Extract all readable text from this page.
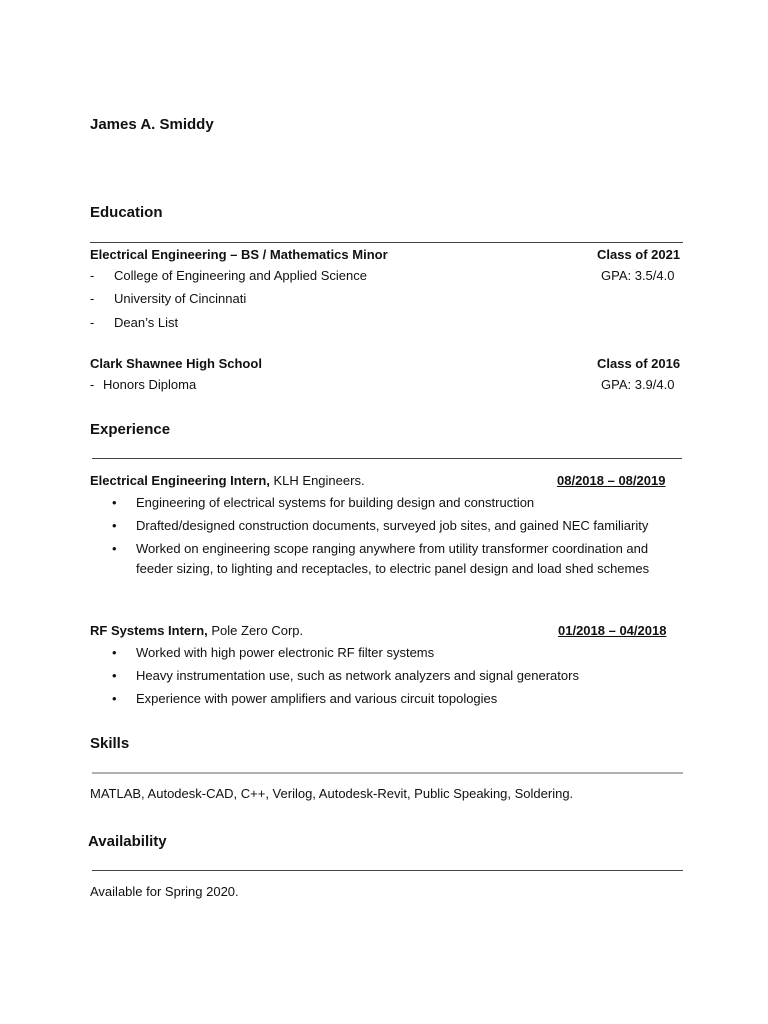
James A. Smiddy
Education
Electrical Engineering – BS / Mathematics Minor	Class of 2021
- College of Engineering and Applied Science	GPA: 3.5/4.0
- University of Cincinnati
- Dean’s List
Clark Shawnee High School	Class of 2016
- Honors Diploma	GPA: 3.9/4.0
Experience
Electrical Engineering Intern, KLH Engineers.	08/2018 – 08/2019
• Engineering of electrical systems for building design and construction
• Drafted/designed construction documents, surveyed job sites, and gained NEC familiarity
• Worked on engineering scope ranging anywhere from utility transformer coordination and feeder sizing, to lighting and receptacles, to electric panel design and load shed schemes
RF Systems Intern, Pole Zero Corp.	01/2018 – 04/2018
• Worked with high power electronic RF filter systems
• Heavy instrumentation use, such as network analyzers and signal generators
• Experience with power amplifiers and various circuit topologies
Skills
MATLAB, Autodesk-CAD, C++, Verilog, Autodesk-Revit, Public Speaking, Soldering.
Availability
Available for Spring 2020.
